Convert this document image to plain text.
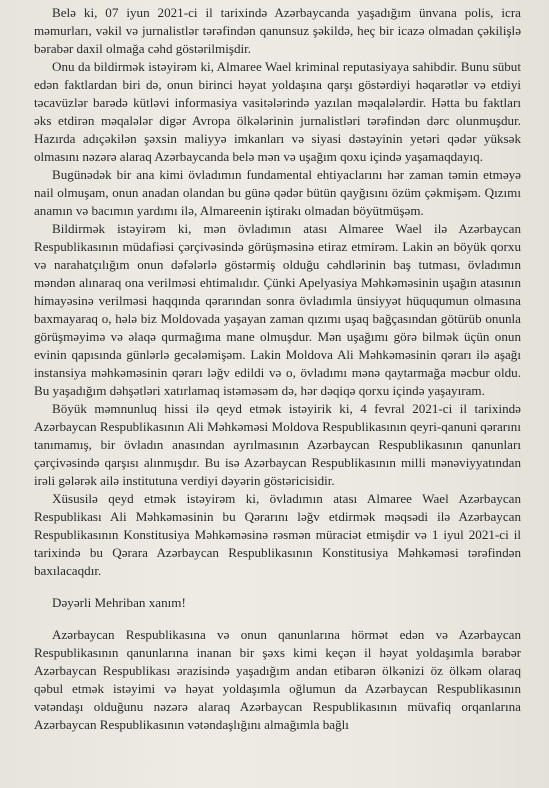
Belə ki, 07 iyun 2021-ci il tarixində Azərbaycanda yaşadığım ünvana polis, icra məmurları, vəkil və jurnalistlər tərəfindən qanunsuz şəkildə, heç bir icazə olmadan çəkilişlə bərabər daxil olmağa cəhd göstərilmişdir.

Onu da bildirmək istəyirəm ki, Almaree Wael kriminal reputasiyaya sahibdir. Bunu sübut edən faktlardan biri də, onun birinci həyat yoldaşına qarşı göstərdiyi həqarətlər və etdiyi təcavüzlər barədə kütləvi informasiya vasitələrində yazılan məqalələrdir. Hətta bu faktları əks etdirən məqalələr digər Avropa ölkələrinin jurnalistləri tərəfindən dərc olunmuşdur. Hazırda adıçəkilən şəxsin maliyyə imkanları və siyasi dəstəyinin yetəri qədər yüksək olmasını nəzərə alaraq Azərbaycanda belə mən və uşağım qoxu içində yaşamaqdayıq.

Bugünədək bir ana kimi övladımın fundamental ehtiyaclarını hər zaman təmin etməyə nail olmuşam, onun anadan olandan bu günə qədər bütün qayğısını özüm çəkmişəm. Qızımı anamın və bacımın yardımı ilə, Almareenin iştirakı olmadan böyütmüşəm.

Bildirmək istəyirəm ki, mən övladımın atası Almaree Wael ilə Azərbaycan Respublikasının müdafiəsi çərçivəsində görüşməsinə etiraz etmirəm. Lakin ən böyük qorxu və narahatçılığım onun dəfələrlə göstərmiş olduğu cəhdlərinin baş tutması, övladımın məndən alınaraq ona verilməsi ehtimalıdır. Çünki Apelyasiya Məhkəməsinin uşağın atasının himayəsinə verilməsi haqqında qərarından sonra övladımla ünsiyyət hüququmun olmasına baxmayaraq o, hələ biz Moldovada yaşayan zaman qızımı uşaq bağçasından götürüb onunla görüşməyimə və əlaqə qurmağıma mane olmuşdur. Mən uşağımı görə bilmək üçün onun evinin qapısında günlərlə gecələmişəm. Lakin Moldova Ali Məhkəməsinin qərarı ilə aşağı instansiya məhkəməsinin qərarı ləğv edildi və o, övladımı mənə qaytarmağa məcbur oldu. Bu yaşadığım dəhşətləri xatırlamaq istəməsəm də, hər dəqiqə qorxu içində yaşayıram.

Böyük məmnunluq hissi ilə qeyd etmək istəyirik ki, 4 fevral 2021-ci il tarixində Azərbaycan Respublikasının Ali Məhkəməsi Moldova Respublikasının qeyri-qanuni qərarını tanımamış, bir övladın anasından ayrılmasının Azərbaycan Respublikasının qanunları çərçivəsində qarşısı alınmışdır. Bu isə Azərbaycan Respublikasının milli mənəviyyatından irəli gələrək ailə institutuna verdiyi dəyərin göstəricisidir.

Xüsusilə qeyd etmək istəyirəm ki, övladımın atası Almaree Wael Azərbaycan Respublikası Ali Məhkəməsinin bu Qərarını ləğv etdirmək məqsədi ilə Azərbaycan Respublikasının Konstitusiya Məhkəməsinə rəsmən müraciət etmişdir və 1 iyul 2021-ci il tarixində bu Qərara Azərbaycan Respublikasının Konstitusiya Məhkəməsi tərəfindən baxılacaqdır.

Dəyərli Mehriban xanım!

Azərbaycan Respublikasına və onun qanunlarına hörmət edən və Azərbaycan Respublikasının qanunlarına inanan bir şəxs kimi keçən il həyat yoldaşımla bərabər Azərbaycan Respublikası ərazisində yaşadığım andan etibarən ölkənizi öz ölkəm olaraq qəbul etmək istəyimi və həyat yoldaşımla oğlumun da Azərbaycan Respublikasının vətəndaşı olduğunu nəzərə alaraq Azərbaycan Respublikasının müvafiq orqanlarına Azərbaycan Respublikasının vətəndaşlığını almağımla bağlı
